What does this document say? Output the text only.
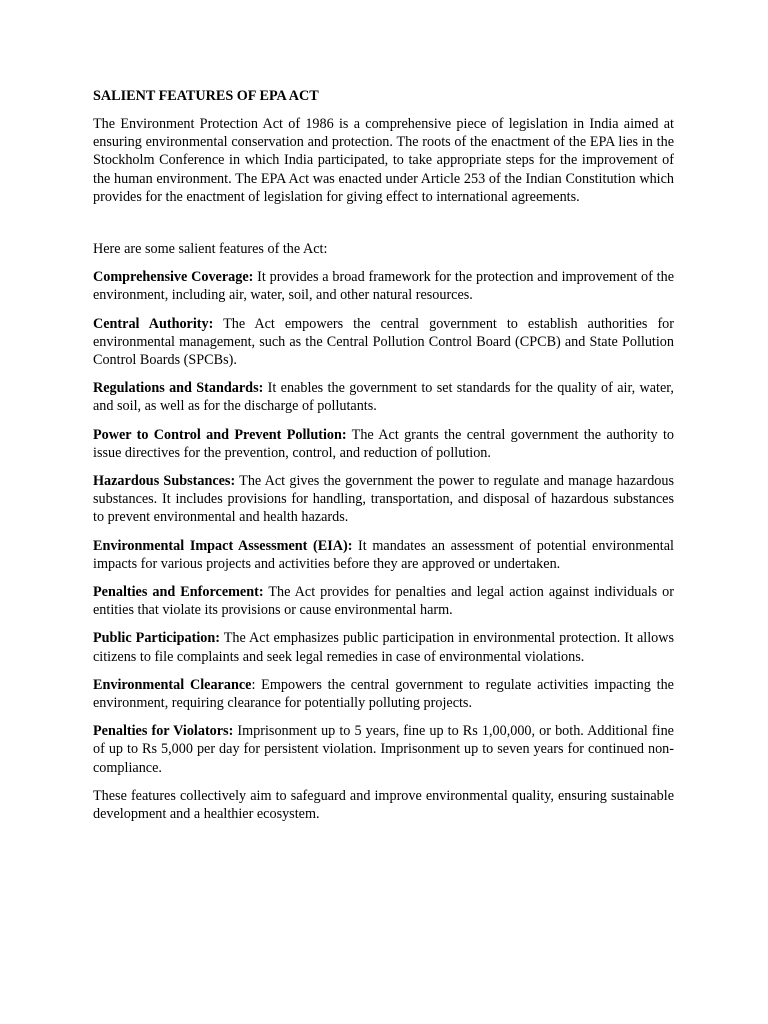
SALIENT FEATURES OF EPA ACT

The Environment Protection Act of 1986 is a comprehensive piece of legislation in India aimed at ensuring environmental conservation and protection. The roots of the enactment of the EPA lies in the Stockholm Conference in which India participated, to take appropriate steps for the improvement of the human environment. The EPA Act was enacted under Article 253 of the Indian Constitution which provides for the enactment of legislation for giving effect to international agreements.

Here are some salient features of the Act:

Comprehensive Coverage: It provides a broad framework for the protection and improvement of the environment, including air, water, soil, and other natural resources.

Central Authority: The Act empowers the central government to establish authorities for environmental management, such as the Central Pollution Control Board (CPCB) and State Pollution Control Boards (SPCBs).

Regulations and Standards: It enables the government to set standards for the quality of air, water, and soil, as well as for the discharge of pollutants.

Power to Control and Prevent Pollution: The Act grants the central government the authority to issue directives for the prevention, control, and reduction of pollution.

Hazardous Substances: The Act gives the government the power to regulate and manage hazardous substances. It includes provisions for handling, transportation, and disposal of hazardous substances to prevent environmental and health hazards.

Environmental Impact Assessment (EIA): It mandates an assessment of potential environmental impacts for various projects and activities before they are approved or undertaken.

Penalties and Enforcement: The Act provides for penalties and legal action against individuals or entities that violate its provisions or cause environmental harm.

Public Participation: The Act emphasizes public participation in environmental protection. It allows citizens to file complaints and seek legal remedies in case of environmental violations.

Environmental Clearance: Empowers the central government to regulate activities impacting the environment, requiring clearance for potentially polluting projects.

Penalties for Violators: Imprisonment up to 5 years, fine up to Rs 1,00,000, or both. Additional fine of up to Rs 5,000 per day for persistent violation. Imprisonment up to seven years for continued non-compliance.

These features collectively aim to safeguard and improve environmental quality, ensuring sustainable development and a healthier ecosystem.
